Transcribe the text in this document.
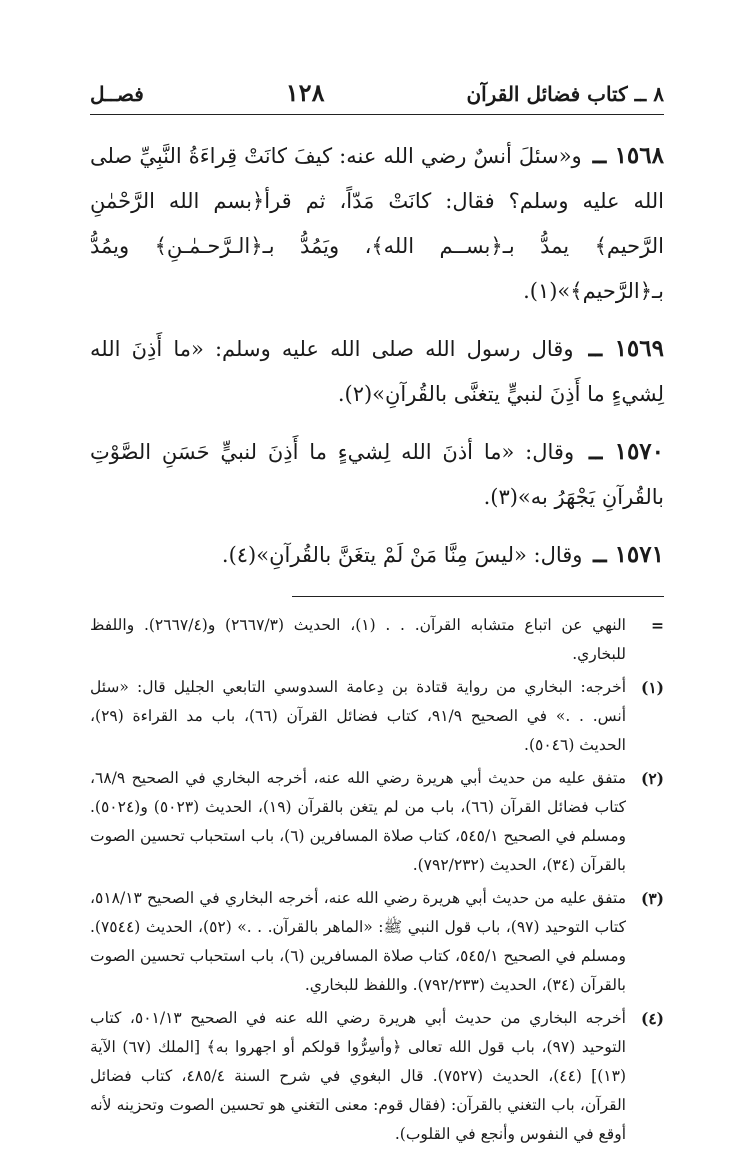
٨ ــ كتاب فضائل القرآن
١٢٨
فصــل

١٥٦٨ ــ و«سئلَ أنسٌ رضي الله عنه: كيفَ كانَتْ قِراءَةُ النَّبِيِّ صلى الله عليه وسلم؟ فقال: كانَتْ مَدّاً، ثم قرأ﴿بسم الله الرَّحْمٰنِ الرَّحيم﴾ يمدُّ بـ﴿بســم الله﴾، ويَمُدُّ بـ﴿الـرَّحـمٰـنِ﴾ ويمُدُّ بـ﴿الرَّحيم﴾»(١).

١٥٦٩ ــ وقال رسول الله صلى الله عليه وسلم: «ما أَذِنَ الله لِشيءٍ ما أَذِنَ لنبيٍّ يتغنَّى بالقُرآنِ»(٢).

١٥٧٠ ــ وقال: «ما أذنَ الله لِشيءٍ ما أَذِنَ لنبيٍّ حَسَنِ الصَّوْتِ بالقُرآنِ يَجْهَرُ به»(٣).

١٥٧١ ــ وقال: «ليسَ مِنَّا مَنْ لَمْ يتغَنَّ بالقُرآنِ»(٤).

=
النهي عن اتباع متشابه القرآن. . . (١)، الحديث (٢٦٦٧/٣) و(٢٦٦٧/٤). واللفظ للبخاري.
(١)
أخرجه: البخاري من رواية قتادة بن دِعامة السدوسي التابعي الجليل قال: «سئل أنس. . .» في الصحيح ٩١/٩، كتاب فضائل القرآن (٦٦)، باب مد القراءة (٢٩)، الحديث (٥٠٤٦).
(٢)
متفق عليه من حديث أبي هريرة رضي الله عنه، أخرجه البخاري في الصحيح ٦٨/٩، كتاب فضائل القرآن (٦٦)، باب من لم يتغن بالقرآن (١٩)، الحديث (٥٠٢٣) و(٥٠٢٤). ومسلم في الصحيح ٥٤٥/١، كتاب صلاة المسافرين (٦)، باب استحباب تحسين الصوت بالقرآن (٣٤)، الحديث (٧٩٢/٢٣٢).
(٣)
متفق عليه من حديث أبي هريرة رضي الله عنه، أخرجه البخاري في الصحيح ٥١٨/١٣، كتاب التوحيد (٩٧)، باب قول النبي ﷺ: «الماهر بالقرآن. . .» (٥٢)، الحديث (٧٥٤٤). ومسلم في الصحيح ٥٤٥/١، كتاب صلاة المسافرين (٦)، باب استحباب تحسين الصوت بالقرآن (٣٤)، الحديث (٧٩٢/٢٣٣). واللفظ للبخاري.
(٤)
أخرجه البخاري من حديث أبي هريرة رضي الله عنه في الصحيح ٥٠١/١٣، كتاب التوحيد (٩٧)، باب قول الله تعالى ﴿وأسِرُّوا قولكم أو اجهروا به﴾ [الملك (٦٧) الآية (١٣)] (٤٤)، الحديث (٧٥٢٧). قال البغوي في شرح السنة ٤٨٥/٤، كتاب فضائل القرآن، باب التغني بالقرآن: (فقال قوم: معنى التغني هو تحسين الصوت وتحزينه لأنه أوقع في النفوس وأنجع في القلوب).
